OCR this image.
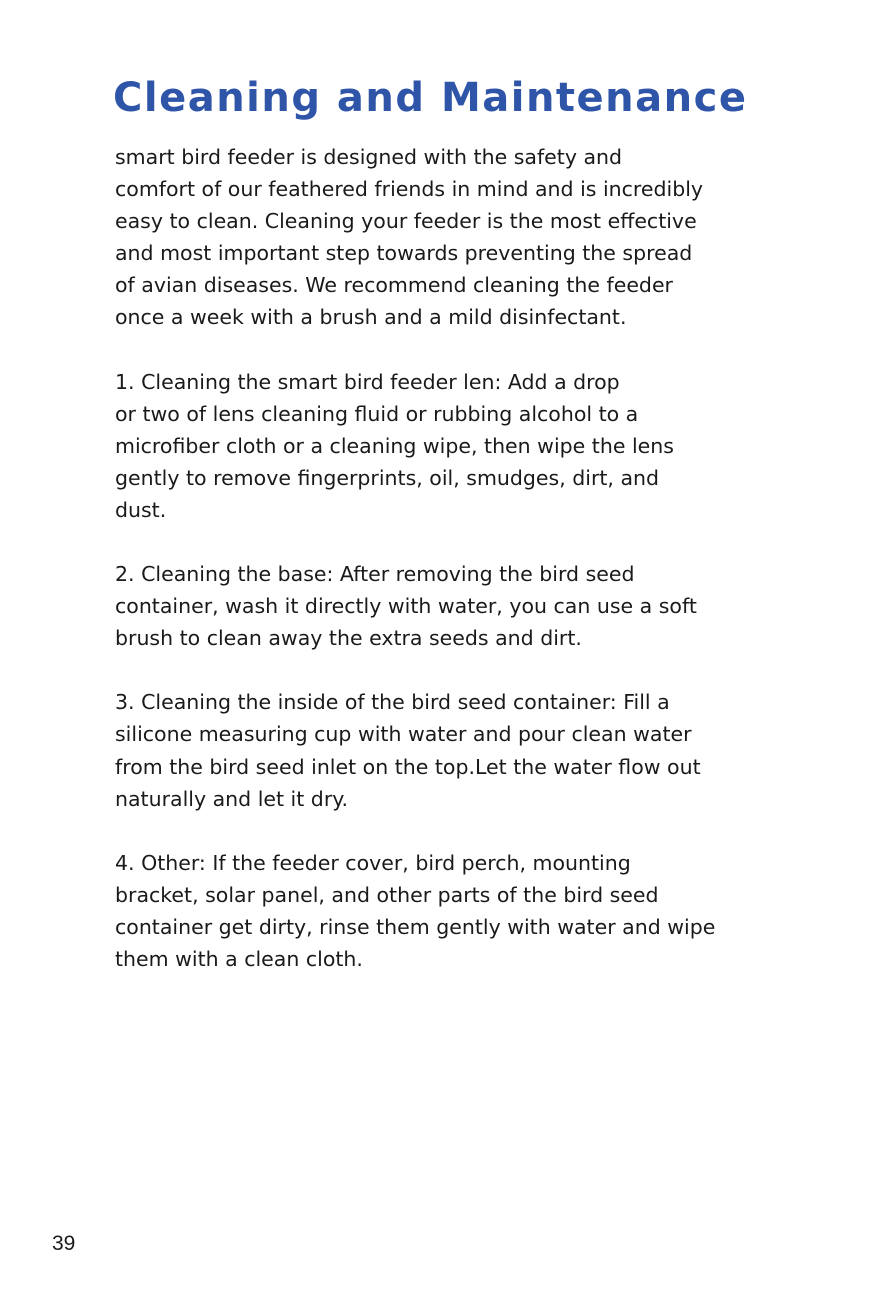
Cleaning and Maintenance

smart bird feeder is designed with the safety and
comfort of our feathered friends in mind and is incredibly
easy to clean. Cleaning your feeder is the most effective
and most important step towards preventing the spread
of avian diseases. We recommend cleaning the feeder
once a week with a brush and a mild disinfectant.

1. Cleaning the smart bird feeder len: Add a drop
or two of lens cleaning fluid or rubbing alcohol to a
microfiber cloth or a cleaning wipe, then wipe the lens
gently to remove fingerprints, oil, smudges, dirt, and
dust.

2. Cleaning the base: After removing the bird seed
container, wash it directly with water, you can use a soft
brush to clean away the extra seeds and dirt.

3. Cleaning the inside of the bird seed container: Fill a
silicone measuring cup with water and pour clean water
from the bird seed inlet on the top.Let the water flow out
naturally and let it dry.

4. Other: If the feeder cover, bird perch, mounting
bracket, solar panel, and other parts of the bird seed
container get dirty, rinse them gently with water and wipe
them with a clean cloth.

39
